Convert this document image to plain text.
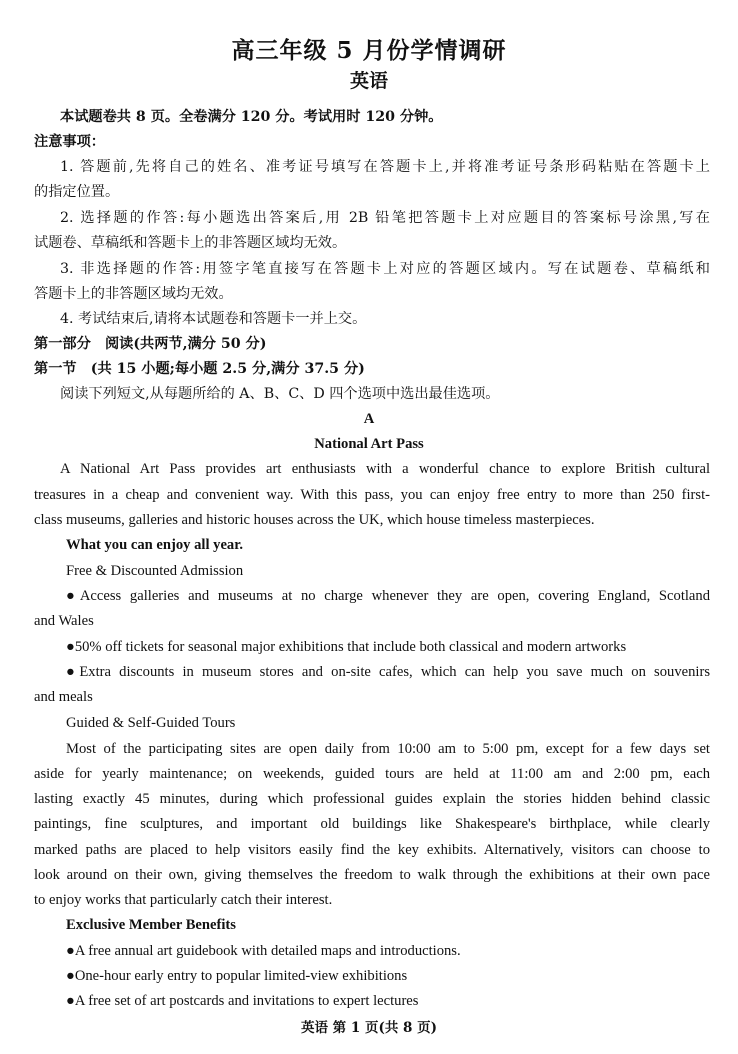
高三年级 5 月份学情调研
英语
本试题卷共 8 页。全卷满分 120 分。考试用时 120 分钟。
注意事项：
1. 答题前,先将自己的姓名、准考证号填写在答题卡上,并将准考证号条形码粘贴在答题卡上
的指定位置。
2. 选择题的作答:每小题选出答案后,用 2B 铅笔把答题卡上对应题目的答案标号涂黑,写在
试题卷、草稿纸和答题卡上的非答题区域均无效。
3. 非选择题的作答:用签字笔直接写在答题卡上对应的答题区域内。写在试题卷、草稿纸和
答题卡上的非答题区域均无效。
4. 考试结束后,请将本试题卷和答题卡一并上交。
第一部分　阅读(共两节,满分 50 分)
第一节　(共 15 小题;每小题 2.5 分,满分 37.5 分)
阅读下列短文,从每题所给的 A、B、C、D 四个选项中选出最佳选项。
A
National Art Pass
A National Art Pass provides art enthusiasts with a wonderful chance to explore British cultural
treasures in a cheap and convenient way. With this pass, you can enjoy free entry to more than 250 first-
class museums, galleries and historic houses across the UK, which house timeless masterpieces.
What you can enjoy all year.
Free & Discounted Admission
●Access galleries and museums at no charge whenever they are open, covering England, Scotland
and Wales
●50% off tickets for seasonal major exhibitions that include both classical and modern artworks
●Extra discounts in museum stores and on-site cafes, which can help you save much on souvenirs
and meals
Guided & Self-Guided Tours
Most of the participating sites are open daily from 10:00 am to 5:00 pm, except for a few days set
aside for yearly maintenance; on weekends, guided tours are held at 11:00 am and 2:00 pm, each
lasting exactly 45 minutes, during which professional guides explain the stories hidden behind classic
paintings, fine sculptures, and important old buildings like Shakespeare's birthplace, while clearly
marked paths are placed to help visitors easily find the key exhibits. Alternatively, visitors can choose to
look around on their own, giving themselves the freedom to walk through the exhibitions at their own pace
to enjoy works that particularly catch their interest.
Exclusive Member Benefits
●A free annual art guidebook with detailed maps and introductions.
●One-hour early entry to popular limited-view exhibitions
●A free set of art postcards and invitations to expert lectures
英语 第 1 页(共 8 页)
